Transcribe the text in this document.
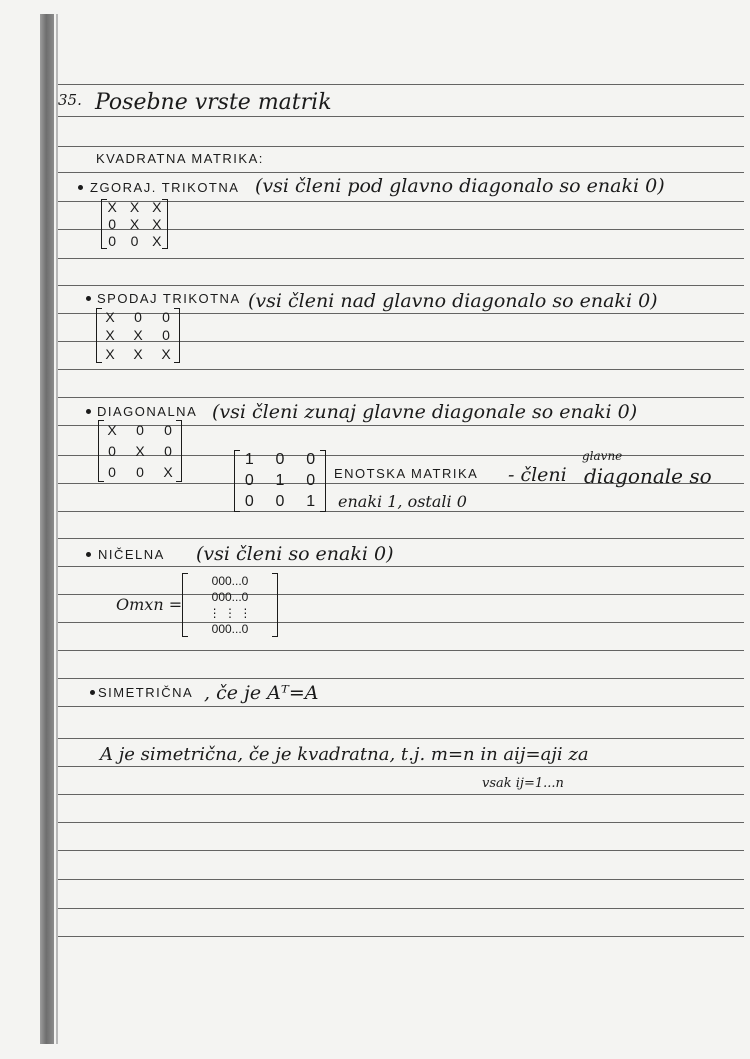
35. Posebne vrste matrik
KVADRATNA MATRIKA:
ZGORAJ. TRIKOTNA (vsi členi pod glavno diagonalo so enaki 0)
X X X
0 X X
0 0 X
SPODAJ TRIKOTNA (vsi členi nad glavno diagonalo so enaki 0)
X 0 0
X X 0
X X X
DIAGONALNA (vsi členi zunaj glavne diagonale so enaki 0)
X 0 0
0 X 0
0 0 X
1 0 0
0 1 0
0 0 1
ENOTSKA MATRIKA - členi
glavne
diagonale so
enaki 1, ostali 0
NIČELNA (vsi členi so enaki 0)
Omxn =
000...0
000...0
⋮ ⋮ ⋮
000...0
SIMETRIČNA , če je Aᵀ=A
A je simetrična, če je kvadratna, t.j. m=n in aij=aji za
vsak ij=1...n
